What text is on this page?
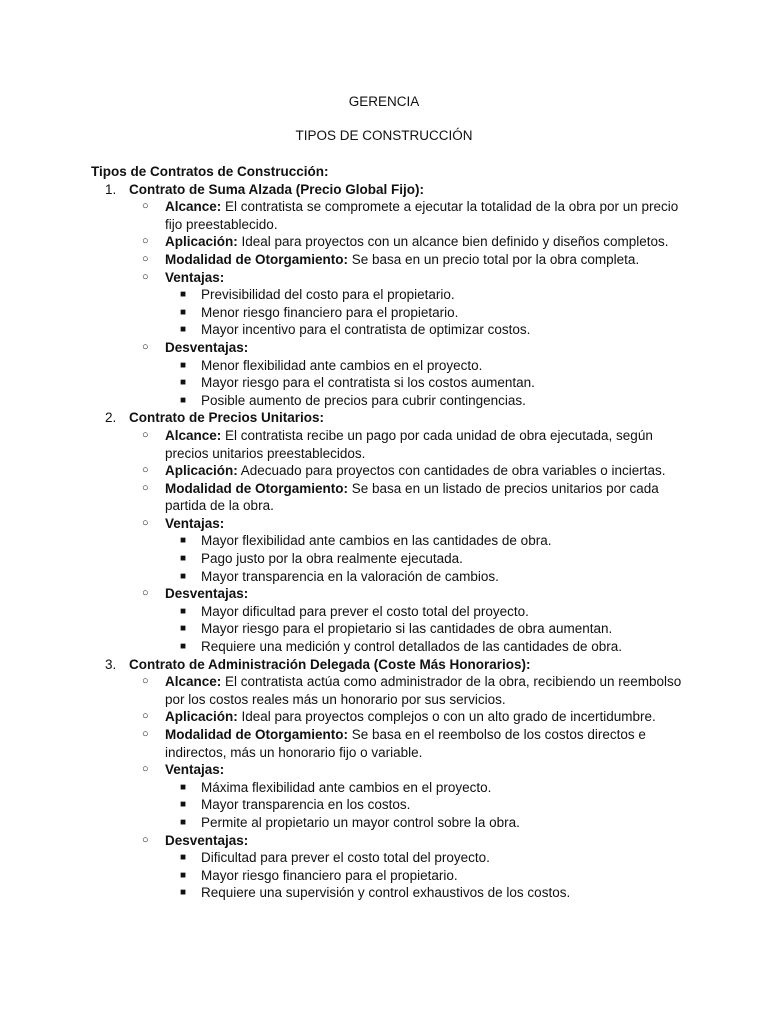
GERENCIA
TIPOS DE CONSTRUCCIÓN
Tipos de Contratos de Construcción:
1. Contrato de Suma Alzada (Precio Global Fijo):
○ Alcance: El contratista se compromete a ejecutar la totalidad de la obra por un precio fijo preestablecido.
○ Aplicación: Ideal para proyectos con un alcance bien definido y diseños completos.
○ Modalidad de Otorgamiento: Se basa en un precio total por la obra completa.
○ Ventajas:
■ Previsibilidad del costo para el propietario.
■ Menor riesgo financiero para el propietario.
■ Mayor incentivo para el contratista de optimizar costos.
○ Desventajas:
■ Menor flexibilidad ante cambios en el proyecto.
■ Mayor riesgo para el contratista si los costos aumentan.
■ Posible aumento de precios para cubrir contingencias.
2. Contrato de Precios Unitarios:
○ Alcance: El contratista recibe un pago por cada unidad de obra ejecutada, según precios unitarios preestablecidos.
○ Aplicación: Adecuado para proyectos con cantidades de obra variables o inciertas.
○ Modalidad de Otorgamiento: Se basa en un listado de precios unitarios por cada partida de la obra.
○ Ventajas:
■ Mayor flexibilidad ante cambios en las cantidades de obra.
■ Pago justo por la obra realmente ejecutada.
■ Mayor transparencia en la valoración de cambios.
○ Desventajas:
■ Mayor dificultad para prever el costo total del proyecto.
■ Mayor riesgo para el propietario si las cantidades de obra aumentan.
■ Requiere una medición y control detallados de las cantidades de obra.
3. Contrato de Administración Delegada (Coste Más Honorarios):
○ Alcance: El contratista actúa como administrador de la obra, recibiendo un reembolso por los costos reales más un honorario por sus servicios.
○ Aplicación: Ideal para proyectos complejos o con un alto grado de incertidumbre.
○ Modalidad de Otorgamiento: Se basa en el reembolso de los costos directos e indirectos, más un honorario fijo o variable.
○ Ventajas:
■ Máxima flexibilidad ante cambios en el proyecto.
■ Mayor transparencia en los costos.
■ Permite al propietario un mayor control sobre la obra.
○ Desventajas:
■ Dificultad para prever el costo total del proyecto.
■ Mayor riesgo financiero para el propietario.
■ Requiere una supervisión y control exhaustivos de los costos.
